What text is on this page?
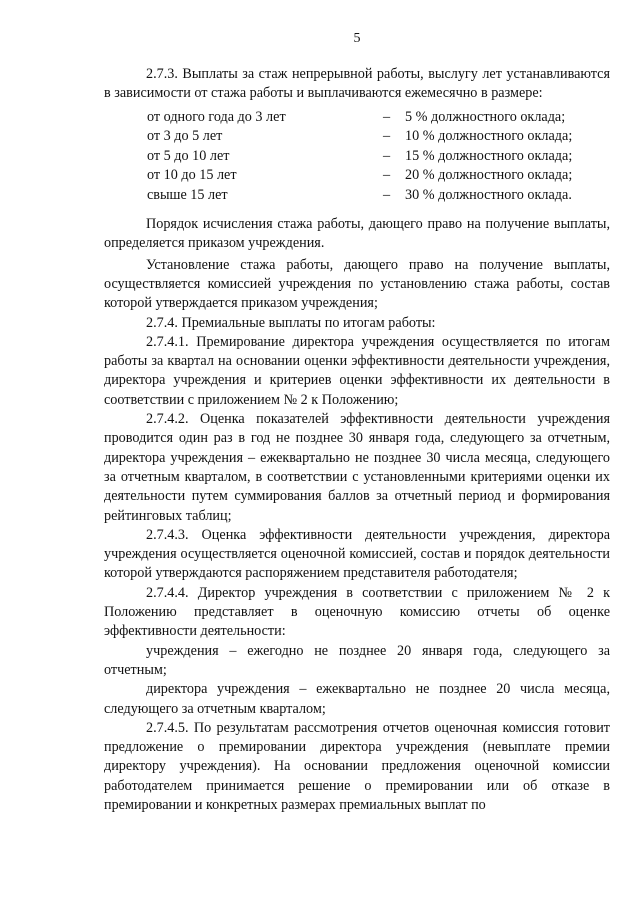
5

2.7.3. Выплаты за стаж непрерывной работы, выслугу лет устанавливаются в зависимости от стажа работы и выплачиваются ежемесячно в размере:

от одного года до 3 лет	–	5 % должностного оклада;
от 3 до 5 лет	–	10 % должностного оклада;
от 5 до 10 лет	–	15 % должностного оклада;
от 10 до 15 лет	–	20 % должностного оклада;
свыше 15 лет	–	30 % должностного оклада.

Порядок исчисления стажа работы, дающего право на получение выплаты, определяется приказом учреждения.

Установление стажа работы, дающего право на получение выплаты, осуществляется комиссией учреждения по установлению стажа работы, состав которой утверждается приказом учреждения;

2.7.4. Премиальные выплаты по итогам работы:

2.7.4.1. Премирование директора учреждения осуществляется по итогам работы за квартал на основании оценки эффективности деятельности учреждения, директора учреждения и критериев оценки эффективности их деятельности в соответствии с приложением № 2 к Положению;

2.7.4.2. Оценка показателей эффективности деятельности учреждения проводится один раз в год не позднее 30 января года, следующего за отчетным, директора учреждения – ежеквартально не позднее 30 числа месяца, следующего за отчетным кварталом, в соответствии с установленными критериями оценки их деятельности путем суммирования баллов за отчетный период и формирования рейтинговых таблиц;

2.7.4.3. Оценка эффективности деятельности учреждения, директора учреждения осуществляется оценочной комиссией, состав и порядок деятельности которой утверждаются распоряжением представителя работодателя;

2.7.4.4. Директор учреждения в соответствии с приложением № 2 к Положению представляет в оценочную комиссию отчеты об оценке эффективности деятельности:

учреждения – ежегодно не позднее 20 января года, следующего за отчетным;

директора учреждения – ежеквартально не позднее 20 числа месяца, следующего за отчетным кварталом;

2.7.4.5. По результатам рассмотрения отчетов оценочная комиссия готовит предложение о премировании директора учреждения (невыплате премии директору учреждения). На основании предложения оценочной комиссии работодателем принимается решение о премировании или об отказе в премировании и конкретных размерах премиальных выплат по
